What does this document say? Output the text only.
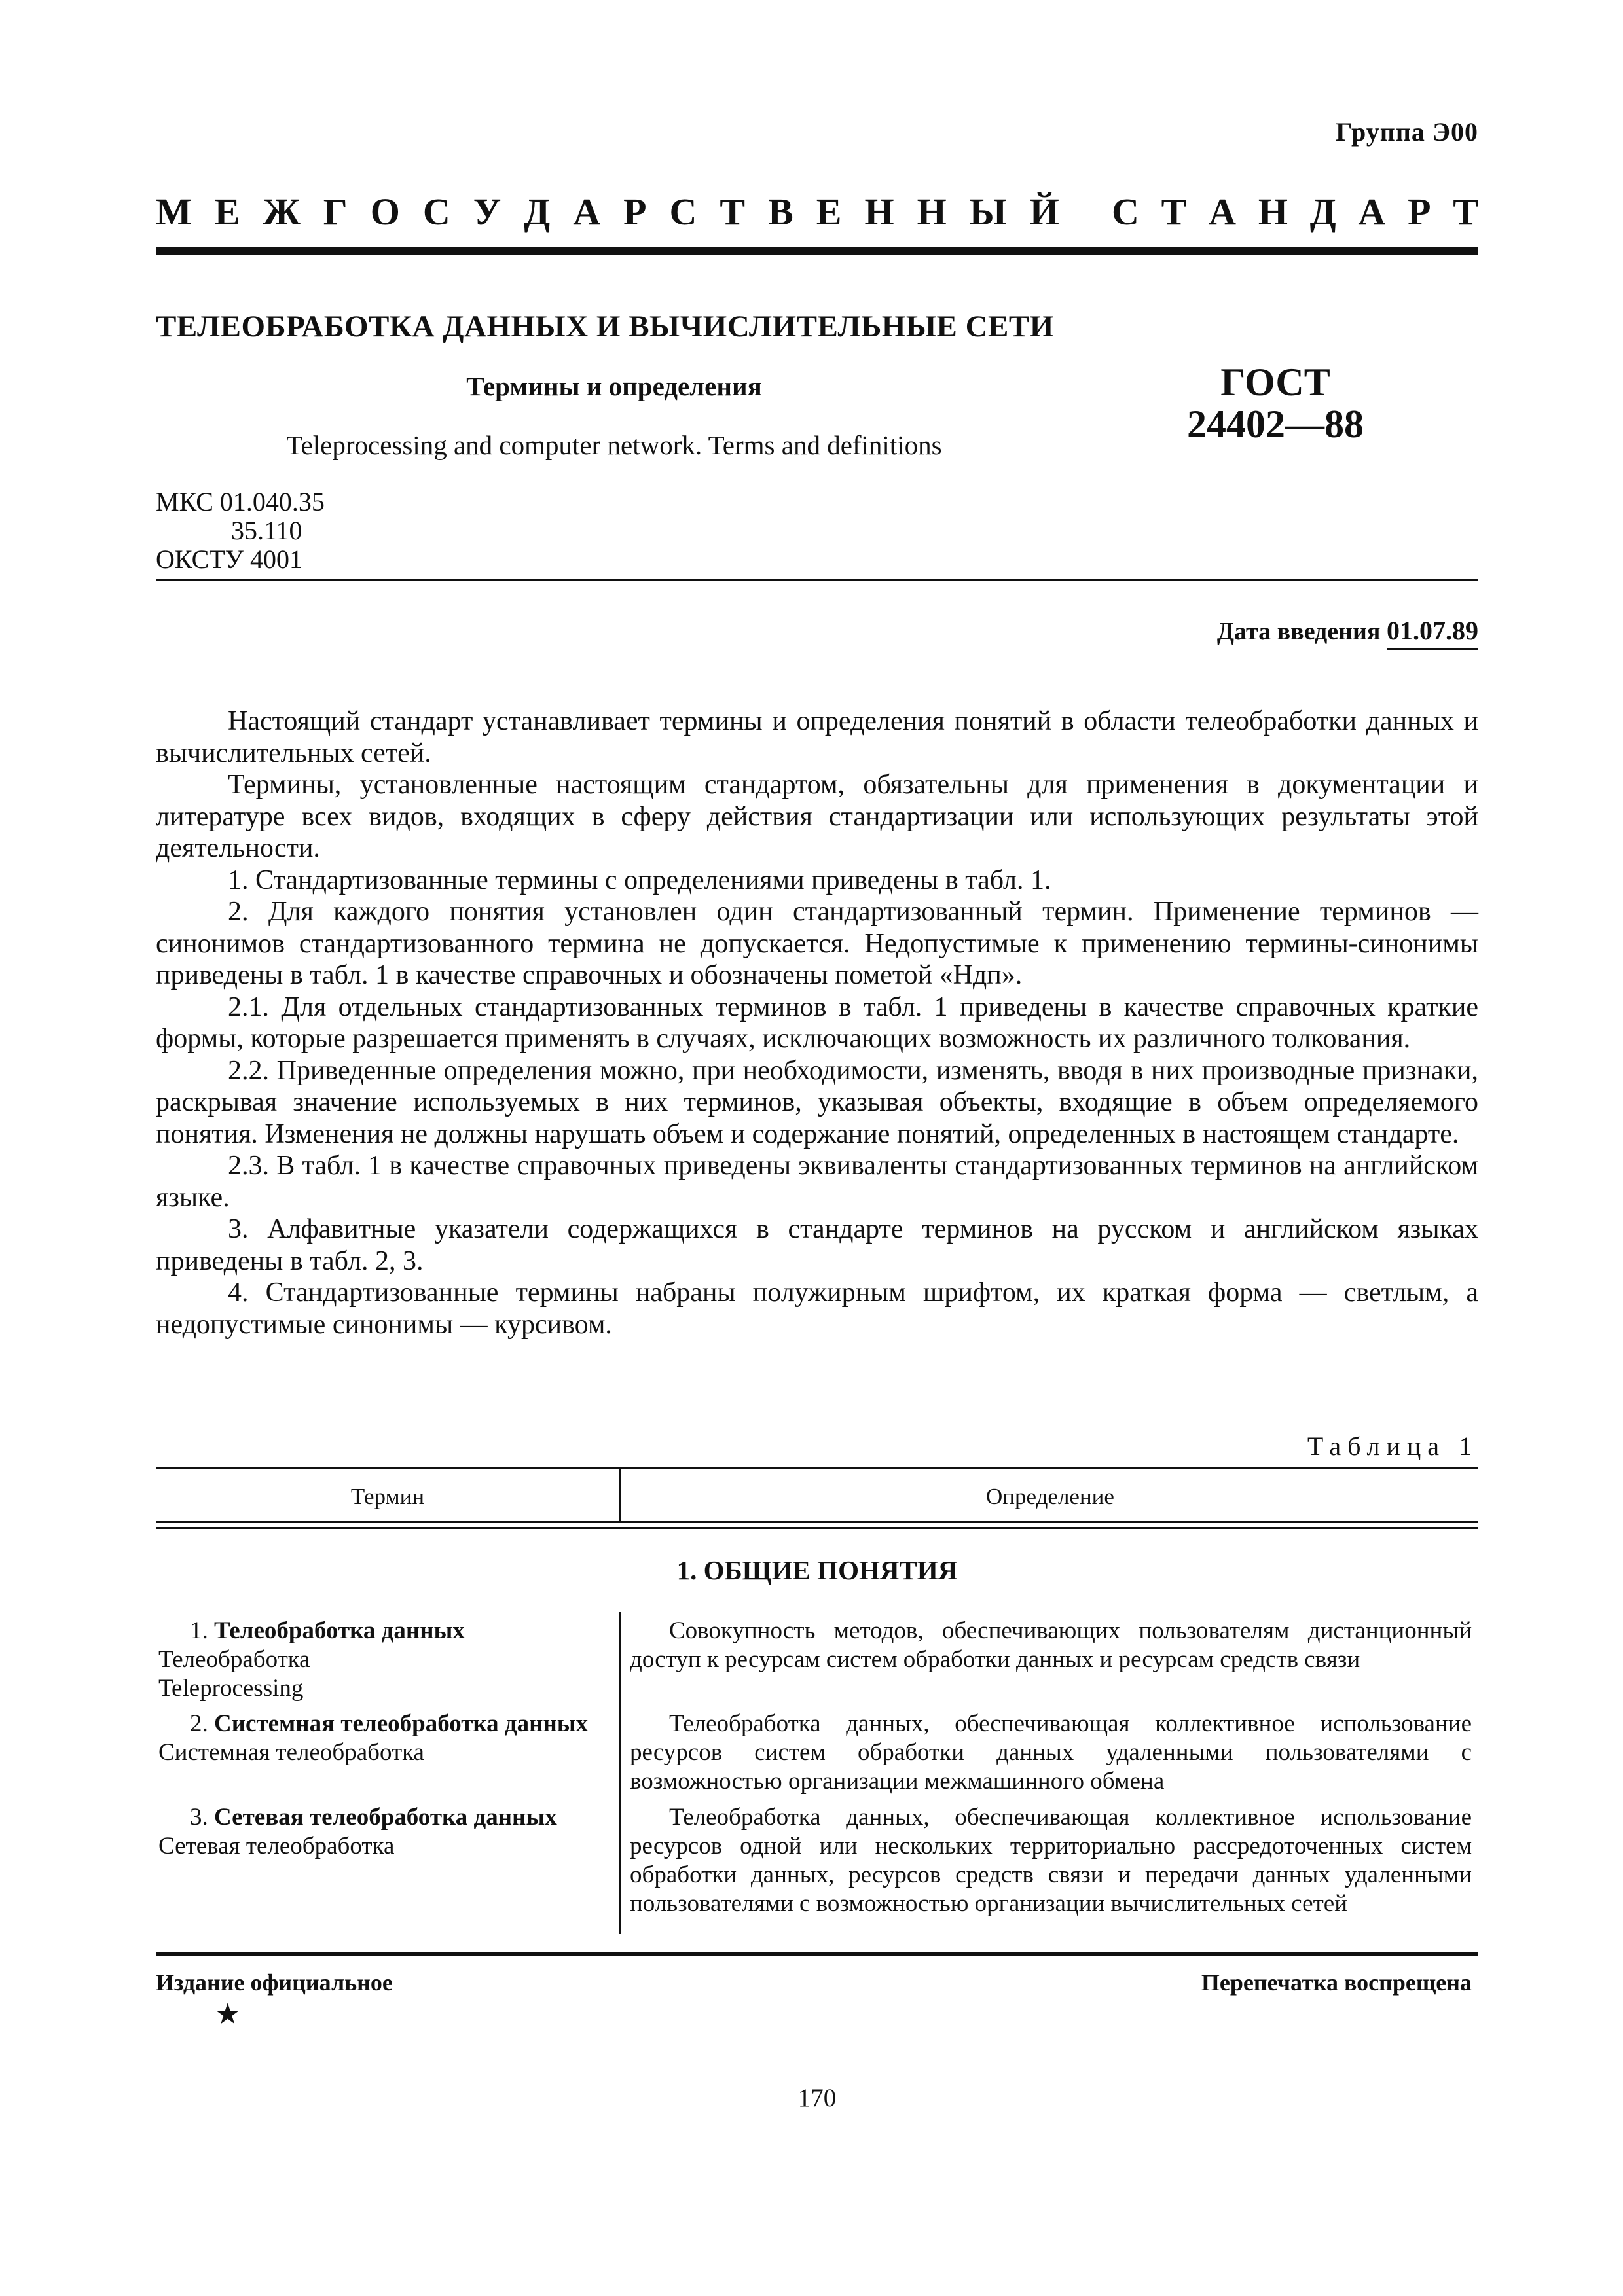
Группа Э00
М Е Ж Г О С У Д А Р С Т В Е Н Н Ы Й С Т А Н Д А Р Т
ТЕЛЕОБРАБОТКА ДАННЫХ И ВЫЧИСЛИТЕЛЬНЫЕ СЕТИ
Термины и определения
Teleprocessing and computer network. Terms and definitions
ГОСТ
24402—88
МКС 01.040.35
35.110
ОКСТУ 4001
Дата введения 01.07.89

Настоящий стандарт устанавливает термины и определения понятий в области телеобработки данных и вычислительных сетей.

Термины, установленные настоящим стандартом, обязательны для применения в документации и литературе всех видов, входящих в сферу действия стандартизации или использующих результаты этой деятельности.

1. Стандартизованные термины с определениями приведены в табл. 1.

2. Для каждого понятия установлен один стандартизованный термин. Применение терминов — синонимов стандартизованного термина не допускается. Недопустимые к применению термины-синонимы приведены в табл. 1 в качестве справочных и обозначены пометой «Ндп».

2.1. Для отдельных стандартизованных терминов в табл. 1 приведены в качестве справочных краткие формы, которые разрешается применять в случаях, исключающих возможность их различного толкования.

2.2. Приведенные определения можно, при необходимости, изменять, вводя в них производные признаки, раскрывая значение используемых в них терминов, указывая объекты, входящие в объем определяемого понятия. Изменения не должны нарушать объем и содержание понятий, определенных в настоящем стандарте.

2.3. В табл. 1 в качестве справочных приведены эквиваленты стандартизованных терминов на английском языке.

3. Алфавитные указатели содержащихся в стандарте терминов на русском и английском языках приведены в табл. 2, 3.

4. Стандартизованные термины набраны полужирным шрифтом, их краткая форма — светлым, а недопустимые синонимы — курсивом.

Таблица 1
Термин	Определение
1. ОБЩИЕ ПОНЯТИЯ
1. Телеобработка данных
Телеобработка
Teleprocessing
Совокупность методов, обеспечивающих пользователям дистанционный доступ к ресурсам систем обработки данных и ресурсам средств связи
2. Системная телеобработка данных
Системная телеобработка
Телеобработка данных, обеспечивающая коллективное использование ресурсов систем обработки данных удаленными пользователями с возможностью организации межмашинного обмена
3. Сетевая телеобработка данных
Сетевая телеобработка
Телеобработка данных, обеспечивающая коллективное использование ресурсов одной или нескольких территориально рассредоточенных систем обработки данных, ресурсов средств связи и передачи данных удаленными пользователями с возможностью организации вычислительных сетей
Издание официальное	Перепечатка воспрещена
★
170
